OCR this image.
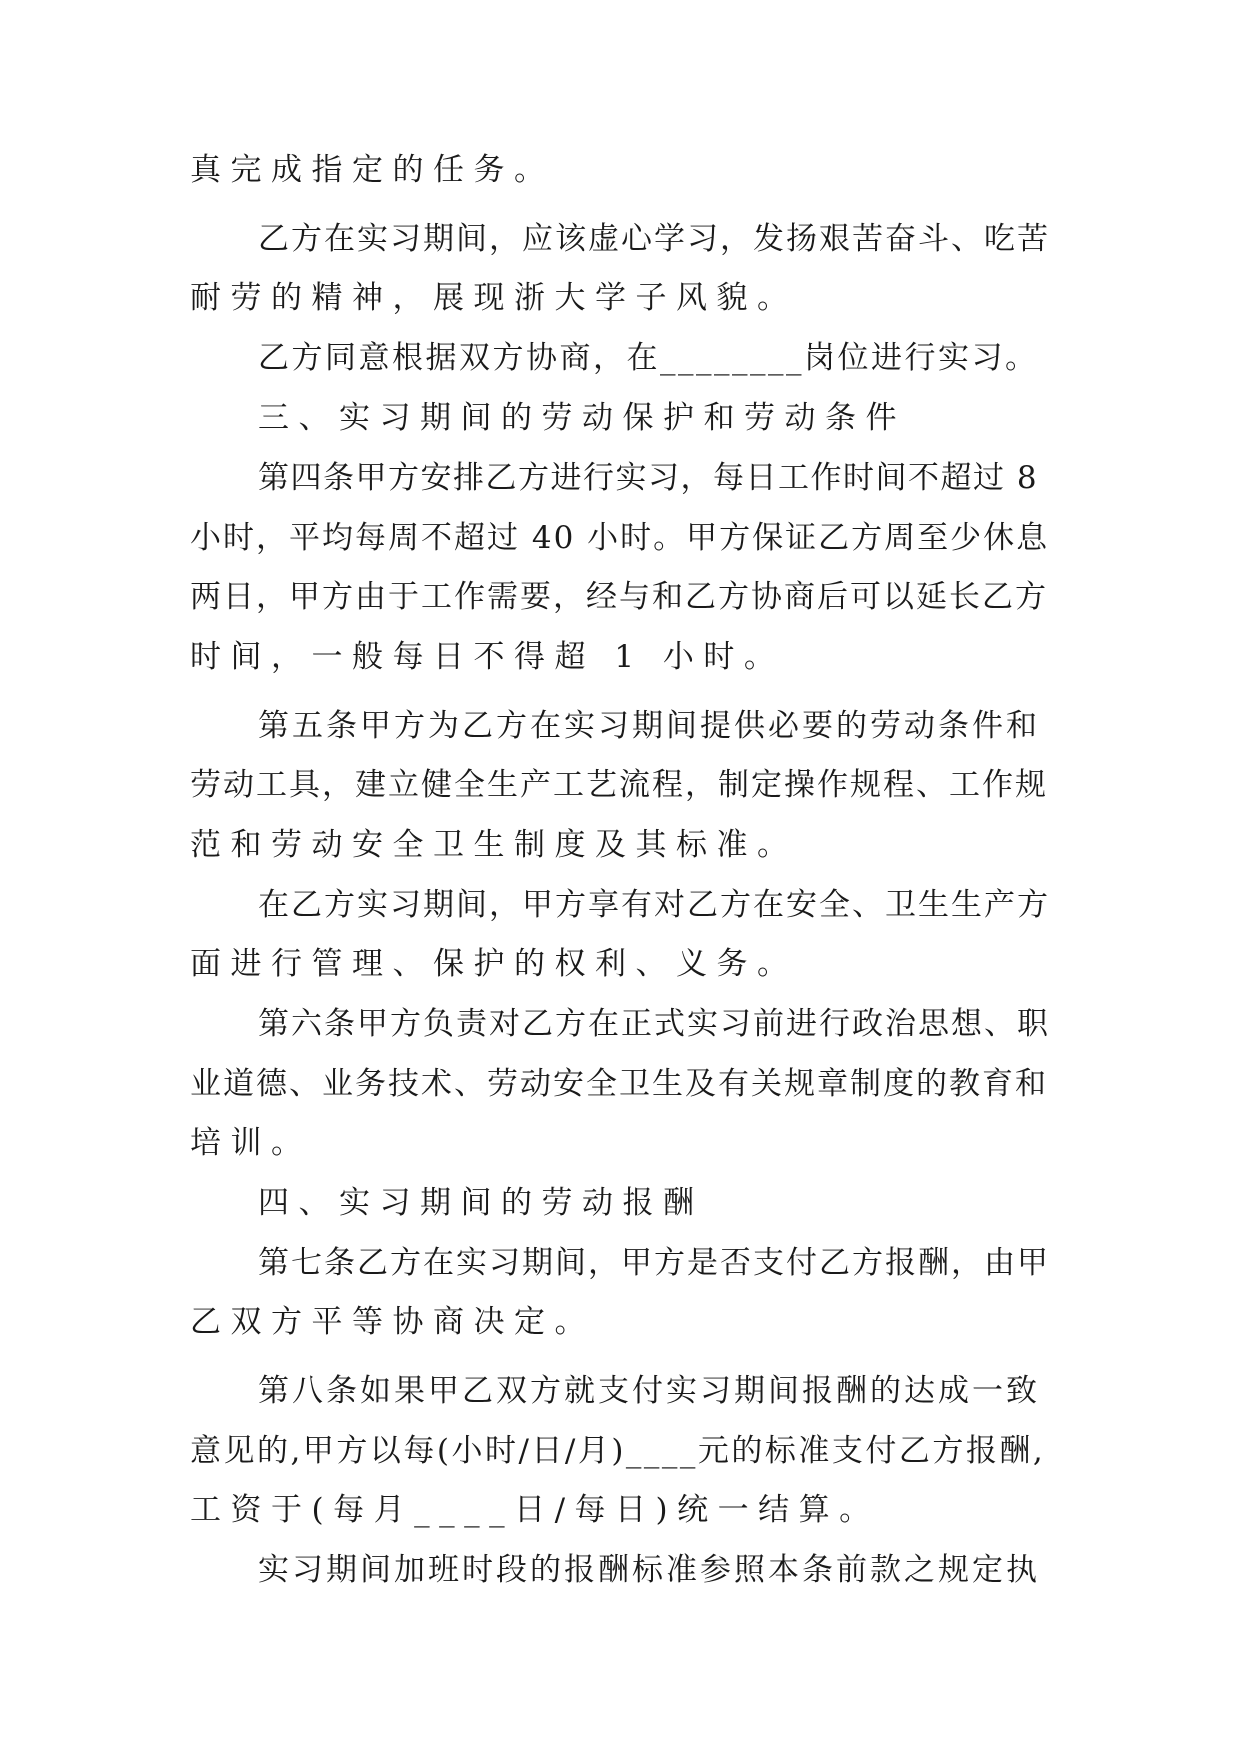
真完成指定的任务。
乙方在实习期间，应该虚心学习，发扬艰苦奋斗、吃苦
耐劳的精神，展现浙大学子风貌。
乙方同意根据双方协商，在________岗位进行实习。
三、实习期间的劳动保护和劳动条件
第四条甲方安排乙方进行实习，每日工作时间不超过 8
小时，平均每周不超过 40 小时。甲方保证乙方周至少休息
两日，甲方由于工作需要，经与和乙方协商后可以延长乙方
时间，一般每日不得超 1 小时。
第五条甲方为乙方在实习期间提供必要的劳动条件和
劳动工具，建立健全生产工艺流程，制定操作规程、工作规
范和劳动安全卫生制度及其标准。
在乙方实习期间，甲方享有对乙方在安全、卫生生产方
面进行管理、保护的权利、义务。
第六条甲方负责对乙方在正式实习前进行政治思想、职
业道德、业务技术、劳动安全卫生及有关规章制度的教育和
培训。
四、实习期间的劳动报酬
第七条乙方在实习期间，甲方是否支付乙方报酬，由甲
乙双方平等协商决定。
第八条如果甲乙双方就支付实习期间报酬的达成一致
意见的,甲方以每(小时/日/月)____元的标准支付乙方报酬,
工资于(每月____日/每日)统一结算。
实习期间加班时段的报酬标准参照本条前款之规定执
